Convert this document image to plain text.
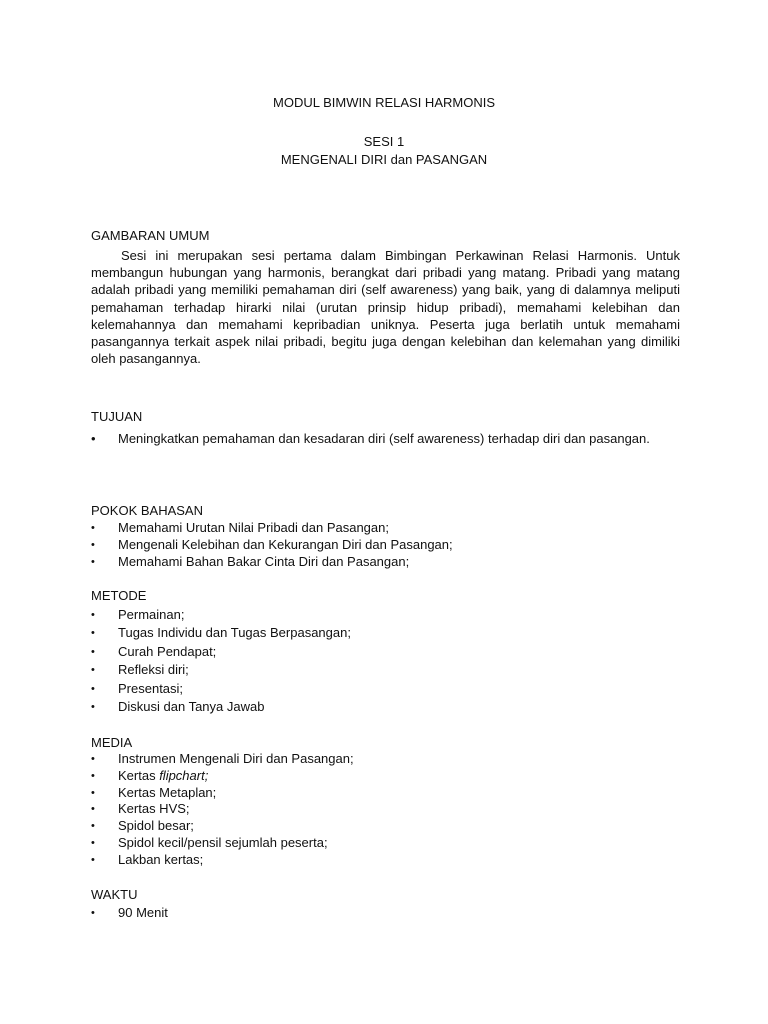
MODUL BIMWIN RELASI HARMONIS
SESI 1
MENGENALI DIRI dan PASANGAN
GAMBARAN UMUM

Sesi ini merupakan sesi pertama dalam Bimbingan Perkawinan Relasi Harmonis. Untuk membangun hubungan yang harmonis, berangkat dari pribadi yang matang. Pribadi yang matang adalah pribadi yang memiliki pemahaman diri (self awareness) yang baik, yang di dalamnya meliputi pemahaman terhadap hirarki nilai (urutan prinsip hidup pribadi), memahami kelebihan dan kelemahannya dan memahami kepribadian uniknya. Peserta juga berlatih untuk memahami pasangannya terkait aspek nilai pribadi, begitu juga dengan kelebihan dan kelemahan yang dimiliki oleh pasangannya.

TUJUAN
• Meningkatkan pemahaman dan kesadaran diri (self awareness) terhadap diri dan pasangan.
POKOK BAHASAN
• Memahami Urutan Nilai Pribadi dan Pasangan;
• Mengenali Kelebihan dan Kekurangan Diri dan Pasangan;
• Memahami Bahan Bakar Cinta Diri dan Pasangan;
METODE
• Permainan;
• Tugas Individu dan Tugas Berpasangan;
• Curah Pendapat;
• Refleksi diri;
• Presentasi;
• Diskusi dan Tanya Jawab
MEDIA
• Instrumen Mengenali Diri dan Pasangan;
• Kertas flipchart;
• Kertas Metaplan;
• Kertas HVS;
• Spidol besar;
• Spidol kecil/pensil sejumlah peserta;
• Lakban kertas;
WAKTU
• 90 Menit
